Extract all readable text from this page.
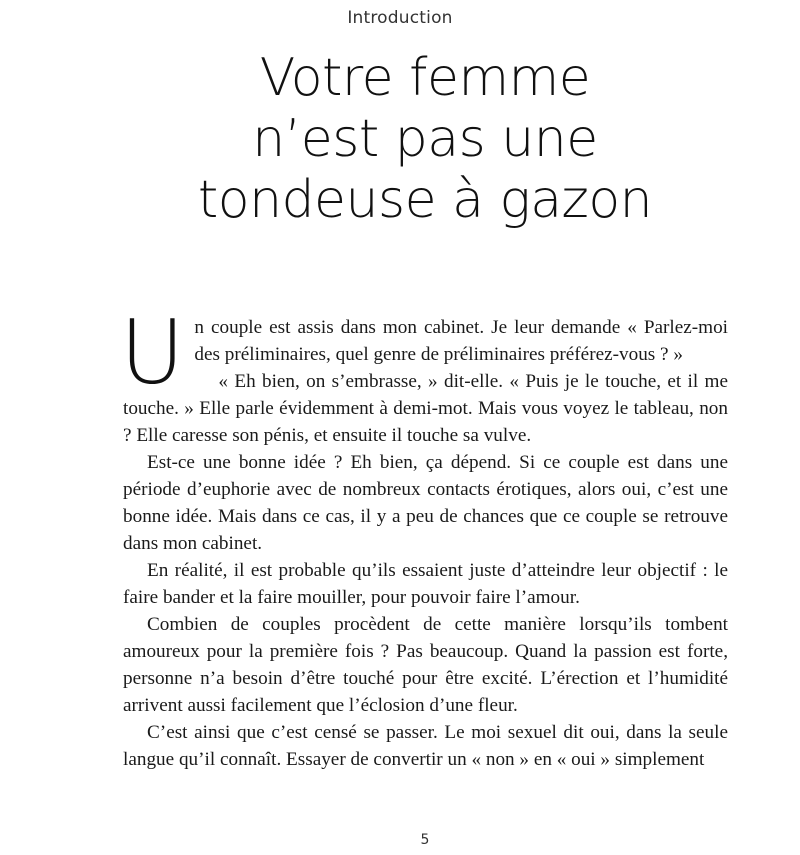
Introduction
Votre femme
n’est pas une
tondeuse à gazon

Un couple est assis dans mon cabinet. Je leur demande « Parlez-moi des préliminaires, quel genre de préliminaires préférez-vous ? »

« Eh bien, on s’embrasse, » dit-elle. « Puis je le touche, et il me touche. » Elle parle évidemment à demi-mot. Mais vous voyez le tableau, non ? Elle caresse son pénis, et ensuite il touche sa vulve.

Est-ce une bonne idée ? Eh bien, ça dépend. Si ce couple est dans une période d’euphorie avec de nombreux contacts érotiques, alors oui, c’est une bonne idée. Mais dans ce cas, il y a peu de chances que ce couple se retrouve dans mon cabinet.

En réalité, il est probable qu’ils essaient juste d’atteindre leur objectif : le faire bander et la faire mouiller, pour pouvoir faire l’amour.

Combien de couples procèdent de cette manière lorsqu’ils tombent amoureux pour la première fois ? Pas beaucoup. Quand la passion est forte, personne n’a besoin d’être touché pour être excité. L’érection et l’humidité arrivent aussi facilement que l’éclosion d’une fleur.

C’est ainsi que c’est censé se passer. Le moi sexuel dit oui, dans la seule langue qu’il connaît. Essayer de convertir un « non » en « oui » simplement

5
